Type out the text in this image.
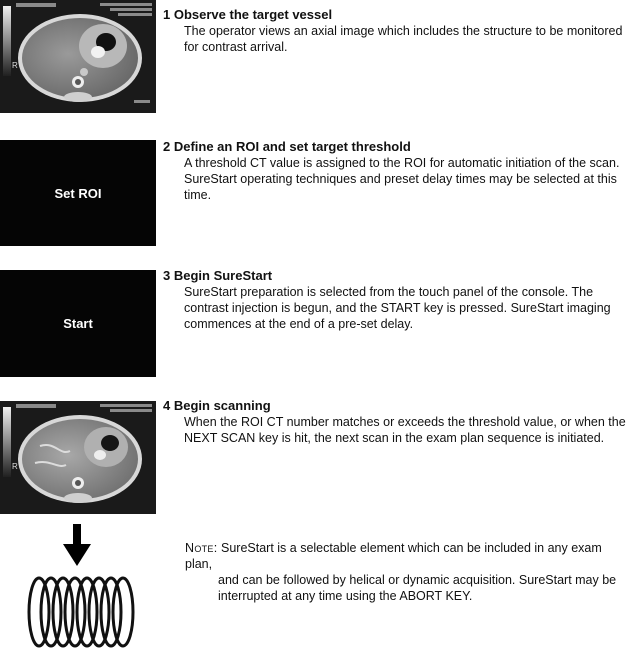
R
Set ROI
Start
R
1 Observe the target vessel

The operator views an axial image which includes the structure to be monitored for contrast arrival.

2 Define an ROI and set target threshold

A threshold CT value is assigned to the ROI for automatic initiation of the scan. SureStart operating techniques and preset delay times may be selected at this time.

3 Begin SureStart

SureStart preparation is selected from the touch panel of the console. The contrast injection is begun, and the START key is pressed. SureStart imaging commences at the end of a pre-set delay.

4 Begin scanning

When the ROI CT number matches or exceeds the threshold value, or when the NEXT SCAN key is hit, the next scan in the exam plan sequence is initiated.

Note: SureStart is a selectable element which can be included in any exam plan,
and can be followed by helical or dynamic acquisition. SureStart may be interrupted at any time using the ABORT KEY.
